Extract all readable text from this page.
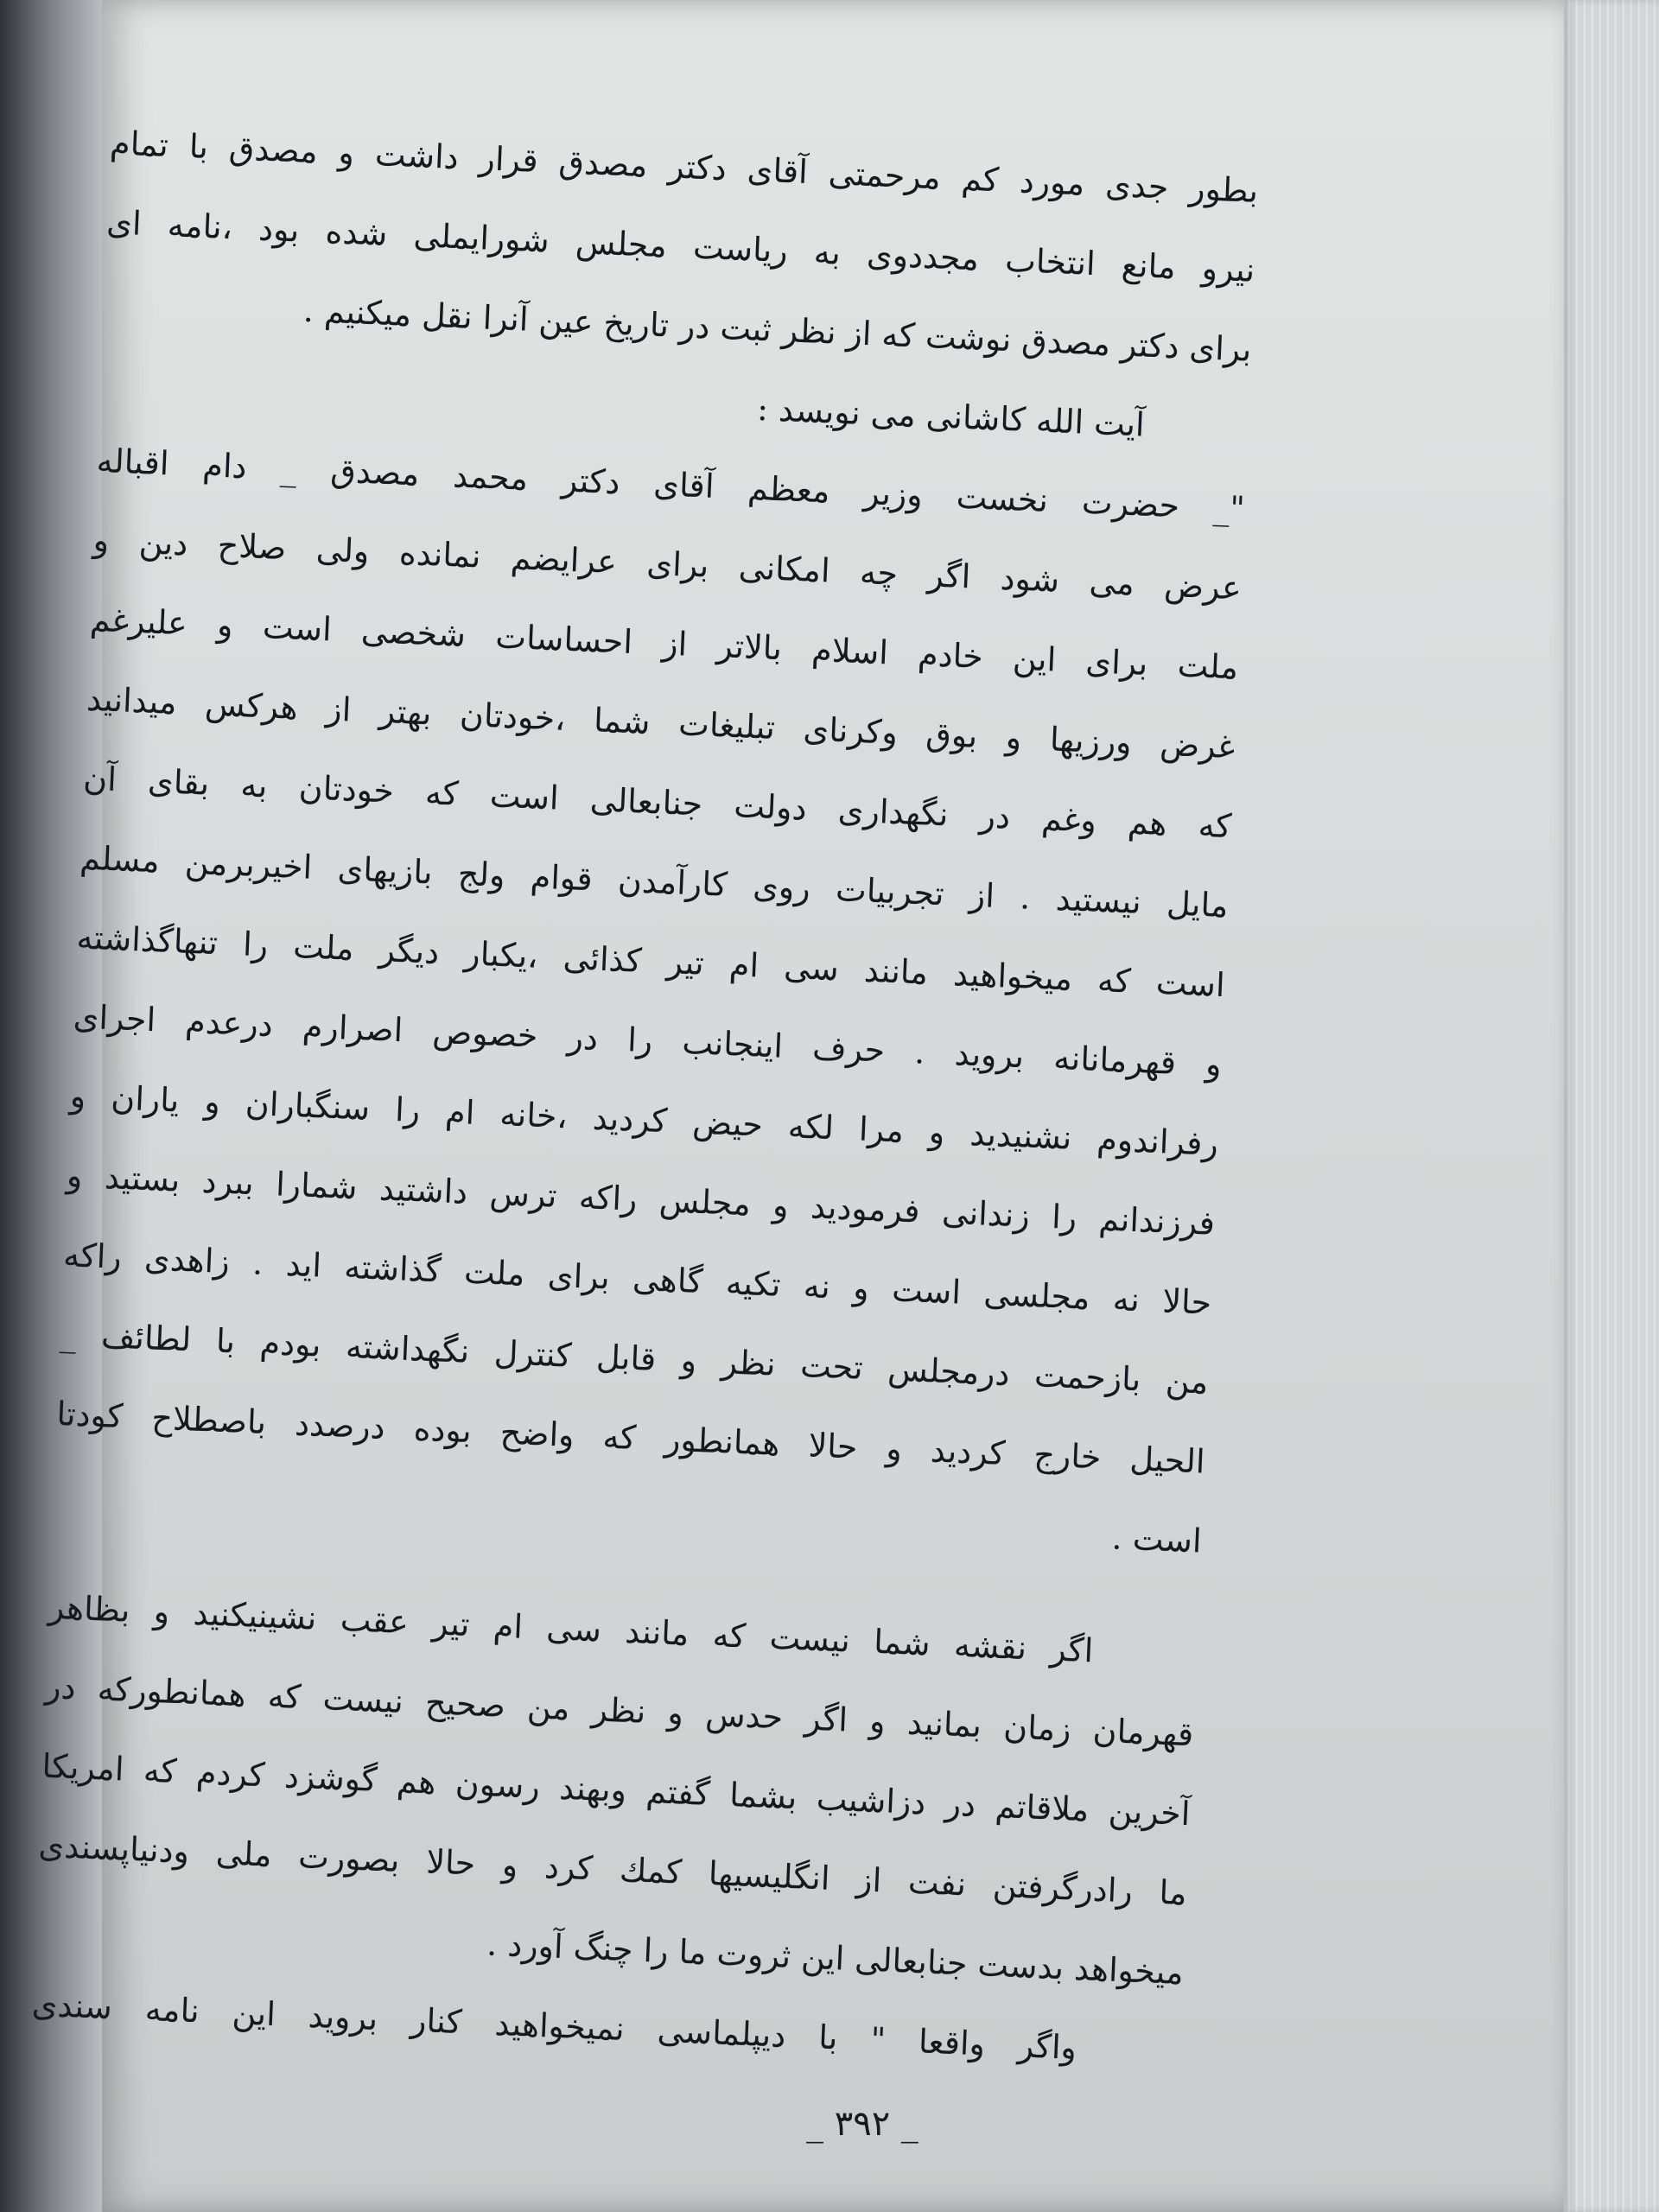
بطور جدی مورد کم مرحمتی آقای دکتر مصدق قرار داشت و مصدق با تمام
نیرو مانع انتخاب مجددوی به ریاست مجلس شورایملی شده بود ،نامه ای
برای دکتر مصدق نوشت که از نظر ثبت در تاریخ عین آنرا نقل میکنیم .
آیت الله کاشانی می نویسد :
"_ حضرت نخست وزیر معظم آقای دکتر محمد مصدق _ دام اقباله
عرض می شود اگر چه امکانی برای عرایضم نمانده ولی صلاح دین و
ملت برای این خادم اسلام بالاتر از احساسات شخصی است و علیرغم
غرض ورزیها و بوق وکرنای تبلیغات شما ،خودتان بهتر از هرکس میدانید
که هم وغم در نگهداری دولت جنابعالی است که خودتان به بقای آن
مایل نیستید . از تجربیات روی کارآمدن قوام ولج بازیهای اخیربرمن مسلم
است که میخواهید مانند سی ام تیر کذائی ،یکبار دیگر ملت را تنهاگذاشته
و قهرمانانه بروید . حرف اینجانب را در خصوص اصرارم درعدم اجرای
رفراندوم نشنیدید و مرا لکه حیض کردید ،خانه ام را سنگباران و یاران و
فرزندانم را زندانی فرمودید و مجلس راکه ترس داشتید شمارا ببرد بستید و
حالا نه مجلسی است و نه تکیه گاهی برای ملت گذاشته اید . زاهدی راکه
من بازحمت درمجلس تحت نظر و قابل کنترل نگهداشته بودم با لطائف _
الحیل خارج کردید و حالا همانطور که واضح بوده درصدد باصطلاح کودتا
است .
اگر نقشه شما نیست که مانند سی ام تیر عقب نشینیکنید و بظاهر
قهرمان زمان بمانید و اگر حدس و نظر من صحیح نیست که همانطورکه در
آخرین ملاقاتم در دزاشیب بشما گفتم وبهند رسون هم گوشزد کردم که امریکا
ما رادرگرفتن نفت از انگلیسیها کمك کرد و حالا بصورت ملی ودنیاپسندی
میخواهد بدست جنابعالی این ثروت ما را چنگ آورد .
واگر واقعا " با دیپلماسی نمیخواهید کنار بروید این نامه سندی
_ ۳۹۲ _
